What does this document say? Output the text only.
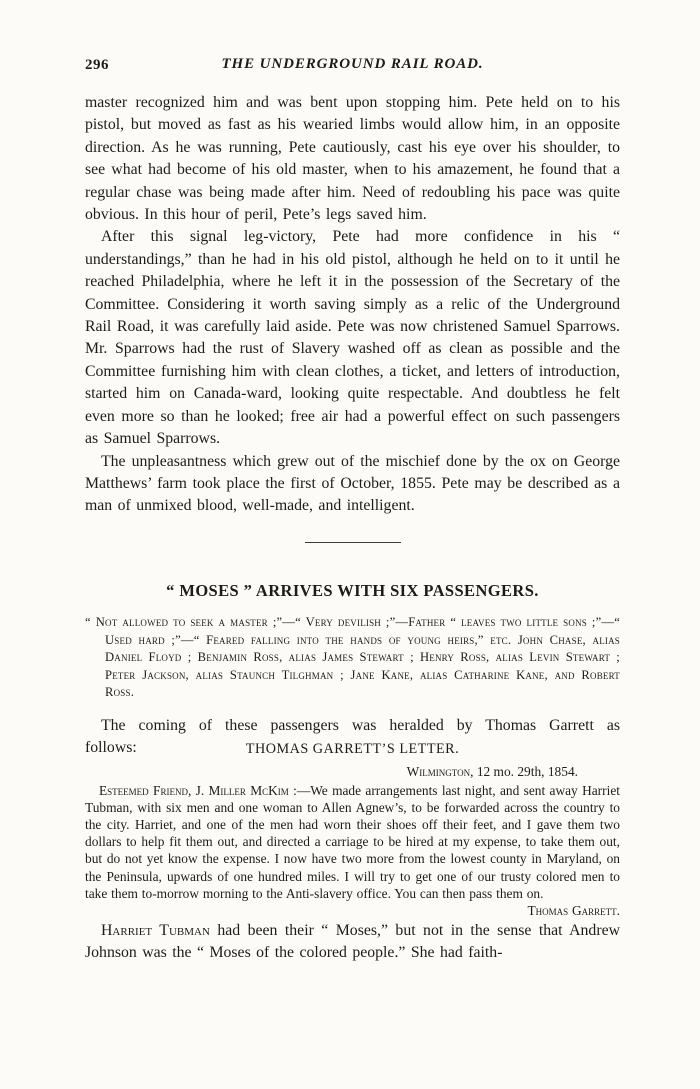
296	THE UNDERGROUND RAIL ROAD.

master recognized him and was bent upon stopping him. Pete held on to his pistol, but moved as fast as his wearied limbs would allow him, in an opposite direction. As he was running, Pete cautiously, cast his eye over his shoulder, to see what had become of his old master, when to his amazement, he found that a regular chase was being made after him. Need of redoubling his pace was quite obvious. In this hour of peril, Pete’s legs saved him.

After this signal leg-victory, Pete had more confidence in his “ understandings,” than he had in his old pistol, although he held on to it until he reached Philadelphia, where he left it in the possession of the Secretary of the Committee. Considering it worth saving simply as a relic of the Underground Rail Road, it was carefully laid aside. Pete was now christened Samuel Sparrows. Mr. Sparrows had the rust of Slavery washed off as clean as possible and the Committee furnishing him with clean clothes, a ticket, and letters of introduction, started him on Canada-ward, looking quite respectable. And doubtless he felt even more so than he looked; free air had a powerful effect on such passengers as Samuel Sparrows.

The unpleasantness which grew out of the mischief done by the ox on George Matthews’ farm took place the first of October, 1855. Pete may be described as a man of unmixed blood, well-made, and intelligent.

“ MOSES ” ARRIVES WITH SIX PASSENGERS.

“ Not allowed to seek a master ;”—“ Very devilish ;”—Father “ leaves two little sons ;”—“ Used hard ;”—“ Feared falling into the hands of young heirs,” etc. John Chase, alias Daniel Floyd ; Benjamin Ross, alias James Stewart ; Henry Ross, alias Levin Stewart ; Peter Jackson, alias Staunch Tilghman ; Jane Kane, alias Catharine Kane, and Robert Ross.

The coming of these passengers was heralded by Thomas Garrett as

follows:	THOMAS GARRETT’S LETTER.

Wilmington, 12 mo. 29th, 1854.

Esteemed Friend, J. Miller McKim :—We made arrangements last night, and sent away Harriet Tubman, with six men and one woman to Allen Agnew’s, to be forwarded across the country to the city. Harriet, and one of the men had worn their shoes off their feet, and I gave them two dollars to help fit them out, and directed a carriage to be hired at my expense, to take them out, but do not yet know the expense. I now have two more from the lowest county in Maryland, on the Peninsula, upwards of one hundred miles. I will try to get one of our trusty colored men to take them to-morrow morning to the Anti-slavery office. You can then pass them on.
Thomas Garrett.

Harriet Tubman had been their “ Moses,” but not in the sense that Andrew Johnson was the “ Moses of the colored people.” She had faith-
